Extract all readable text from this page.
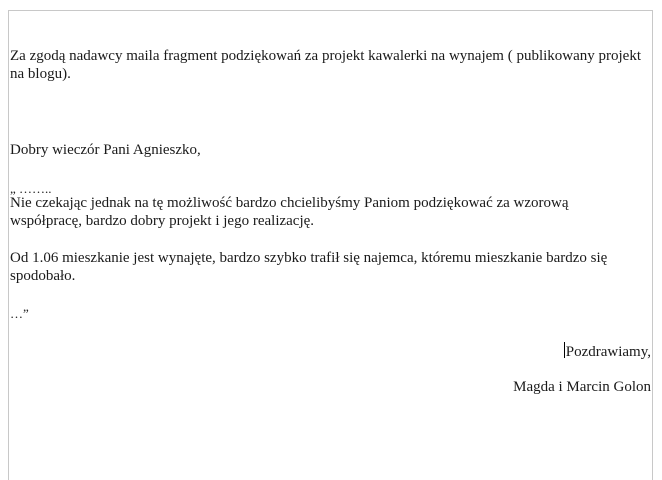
Za zgodą nadawcy maila fragment podziękowań za projekt kawalerki na wynajem ( publikowany projekt na blogu).

Dobry wieczór Pani Agnieszko,

„ ……..

Nie czekając jednak na tę możliwość bardzo chcielibyśmy Paniom podziękować za wzorową współpracę, bardzo dobry projekt i jego realizację.

Od 1.06 mieszkanie jest wynajęte, bardzo szybko trafił się najemca, któremu mieszkanie bardzo się spodobało.

…”

Pozdrawiamy,
Magda i Marcin Golon
